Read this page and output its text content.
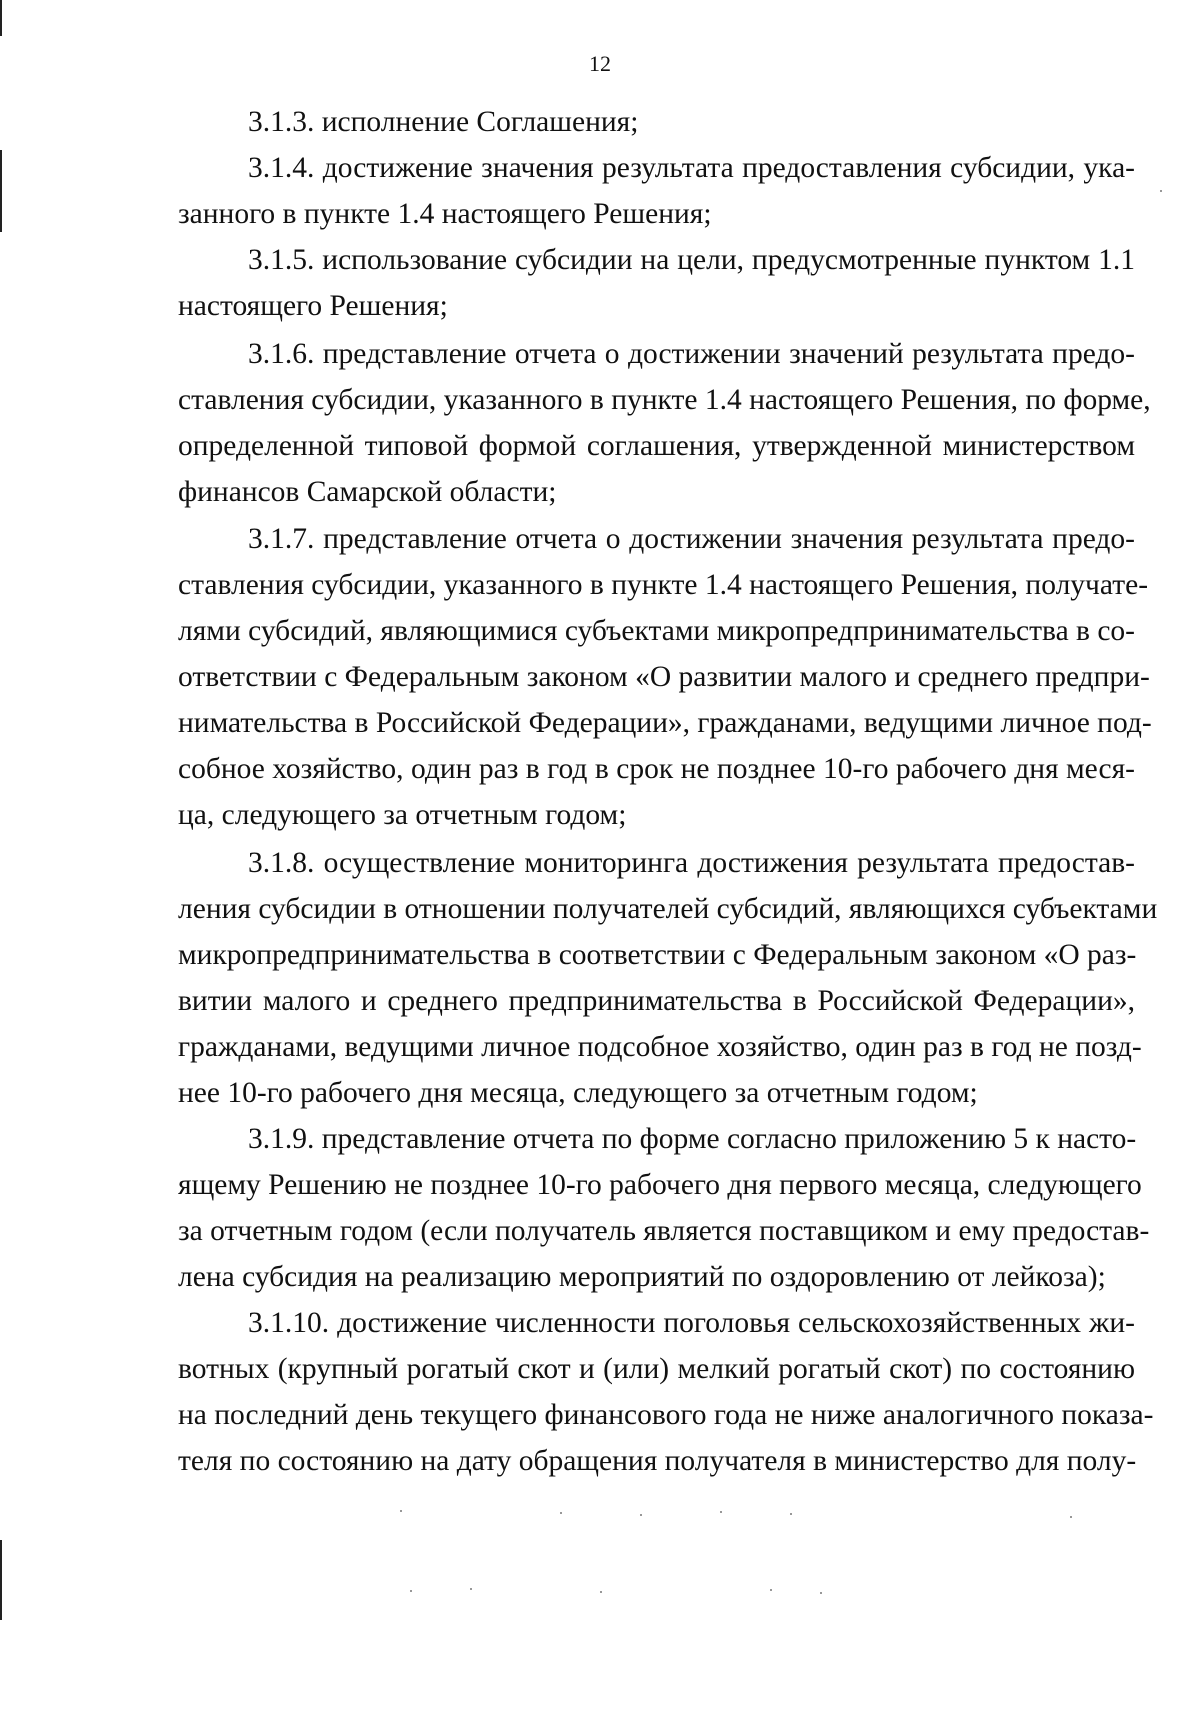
12
3.1.3. исполнение Соглашения;
3.1.4. достижение значения результата предоставления субсидии, ука-
занного в пункте 1.4 настоящего Решения;
3.1.5. использование субсидии на цели, предусмотренные пунктом 1.1
настоящего Решения;
3.1.6. представление отчета о достижении значений результата предо-
ставления субсидии, указанного в пункте 1.4 настоящего Решения, по форме,
определенной типовой формой соглашения, утвержденной министерством
финансов Самарской области;
3.1.7. представление отчета о достижении значения результата предо-
ставления субсидии, указанного в пункте 1.4 настоящего Решения, получате-
лями субсидий, являющимися субъектами микропредпринимательства в со-
ответствии с Федеральным законом «О развитии малого и среднего предпри-
нимательства в Российской Федерации», гражданами, ведущими личное под-
собное хозяйство, один раз в год в срок не позднее 10-го рабочего дня меся-
ца, следующего за отчетным годом;
3.1.8. осуществление мониторинга достижения результата предостав-
ления субсидии в отношении получателей субсидий, являющихся субъектами
микропредпринимательства в соответствии с Федеральным законом «О раз-
витии малого и среднего предпринимательства в Российской Федерации»,
гражданами, ведущими личное подсобное хозяйство, один раз в год не позд-
нее 10-го рабочего дня месяца, следующего за отчетным годом;
3.1.9. представление отчета по форме согласно приложению 5 к насто-
ящему Решению не позднее 10-го рабочего дня первого месяца, следующего
за отчетным годом (если получатель является поставщиком и ему предостав-
лена субсидия на реализацию мероприятий по оздоровлению от лейкоза);
3.1.10. достижение численности поголовья сельскохозяйственных жи-
вотных (крупный рогатый скот и (или) мелкий рогатый скот) по состоянию
на последний день текущего финансового года не ниже аналогичного показа-
теля по состоянию на дату обращения получателя в министерство для полу-
